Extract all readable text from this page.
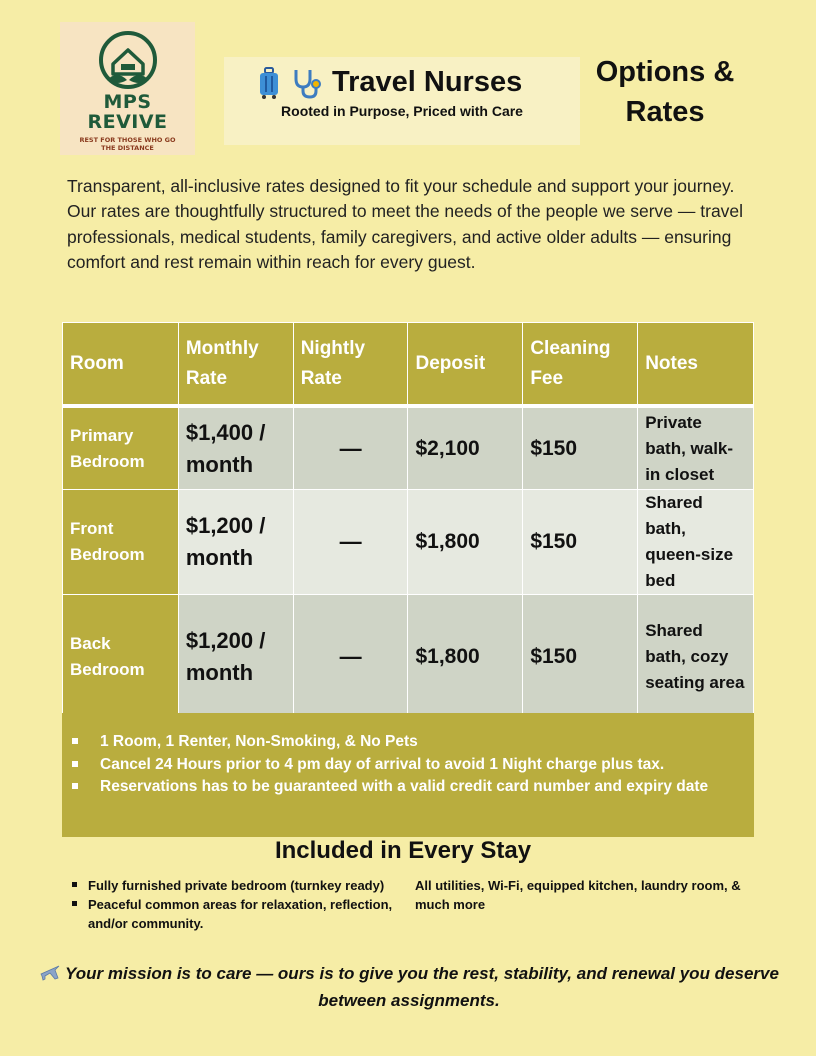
MPS
REVIVE
REST FOR THOSE WHO GO THE DISTANCE
Travel Nurses
Rooted in Purpose, Priced with Care
Options &
Rates

Transparent, all-inclusive rates designed to fit your schedule and support your journey. Our rates are thoughtfully structured to meet the needs of the people we serve — travel professionals, medical students, family caregivers, and active older adults — ensuring comfort and rest remain within reach for every guest.

Room	Monthly Rate	Nightly Rate	Deposit	Cleaning Fee	Notes

Primary Bedroom	$1,400 / month	—	$2,100	$150	Private bath, walk-in closet
Front Bedroom	$1,200 / month	—	$1,800	$150	Shared bath, queen-size bed
Back Bedroom	$1,200 / month	—	$1,800	$150	Shared bath, cozy seating area
1 Room, 1 Renter, Non-Smoking, & No Pets
Cancel 24 Hours prior to 4 pm day of arrival to avoid 1 Night charge plus tax.
Reservations has to be guaranteed with a valid credit card number and expiry date
Included in Every Stay
Fully furnished private bedroom (turnkey ready)
Peaceful common areas for relaxation, reflection, and/or community.
All utilities, Wi-Fi, equipped kitchen, laundry room, & much more
Your mission is to care — ours is to give you the rest, stability, and renewal you deserve between assignments.
